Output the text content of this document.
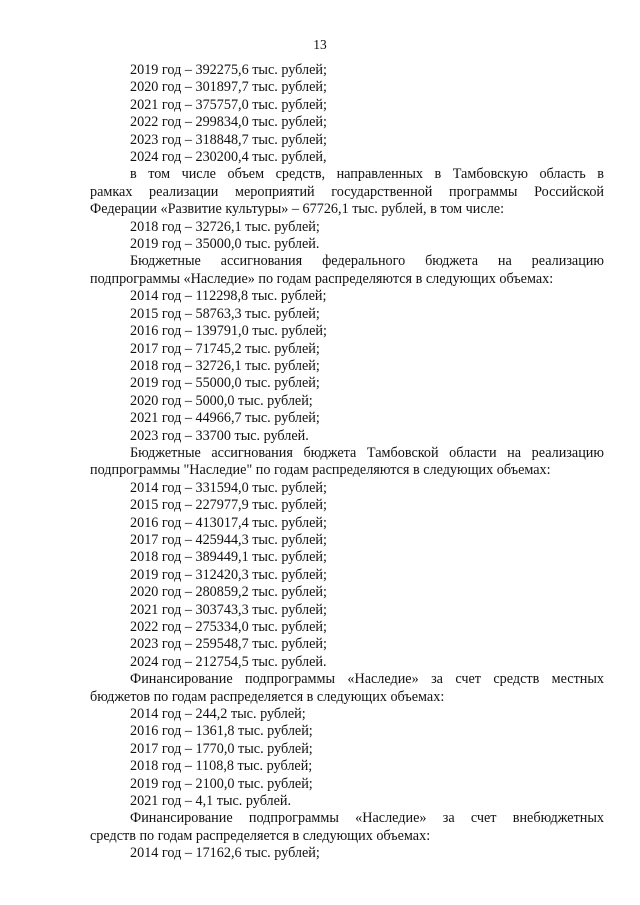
13
2019 год – 392275,6 тыс. рублей;
2020 год – 301897,7 тыс. рублей;
2021 год – 375757,0 тыс. рублей;
2022 год – 299834,0 тыс. рублей;
2023 год – 318848,7 тыс. рублей;
2024 год – 230200,4 тыс. рублей,
в том числе объем средств, направленных в Тамбовскую область в
рамках реализации мероприятий государственной программы Российской
Федерации «Развитие культуры» – 67726,1 тыс. рублей, в том числе:
2018 год – 32726,1 тыс. рублей;
2019 год – 35000,0 тыс. рублей.
Бюджетные ассигнования федерального бюджета на реализацию
подпрограммы «Наследие» по годам распределяются в следующих объемах:
2014 год – 112298,8 тыс. рублей;
2015 год – 58763,3 тыс. рублей;
2016 год – 139791,0 тыс. рублей;
2017 год – 71745,2 тыс. рублей;
2018 год – 32726,1 тыс. рублей;
2019 год – 55000,0 тыс. рублей;
2020 год – 5000,0 тыс. рублей;
2021 год – 44966,7 тыс. рублей;
2023 год – 33700 тыс. рублей.
Бюджетные ассигнования бюджета Тамбовской области на реализацию
подпрограммы "Наследие" по годам распределяются в следующих объемах:
2014 год – 331594,0 тыс. рублей;
2015 год – 227977,9 тыс. рублей;
2016 год – 413017,4 тыс. рублей;
2017 год – 425944,3 тыс. рублей;
2018 год – 389449,1 тыс. рублей;
2019 год – 312420,3 тыс. рублей;
2020 год – 280859,2 тыс. рублей;
2021 год – 303743,3 тыс. рублей;
2022 год – 275334,0 тыс. рублей;
2023 год – 259548,7 тыс. рублей;
2024 год – 212754,5 тыс. рублей.
Финансирование подпрограммы «Наследие» за счет средств местных
бюджетов по годам распределяется в следующих объемах:
2014 год – 244,2 тыс. рублей;
2016 год – 1361,8 тыс. рублей;
2017 год – 1770,0 тыс. рублей;
2018 год – 1108,8 тыс. рублей;
2019 год – 2100,0 тыс. рублей;
2021 год – 4,1 тыс. рублей.
Финансирование подпрограммы «Наследие» за счет внебюджетных
средств по годам распределяется в следующих объемах:
2014 год – 17162,6 тыс. рублей;
